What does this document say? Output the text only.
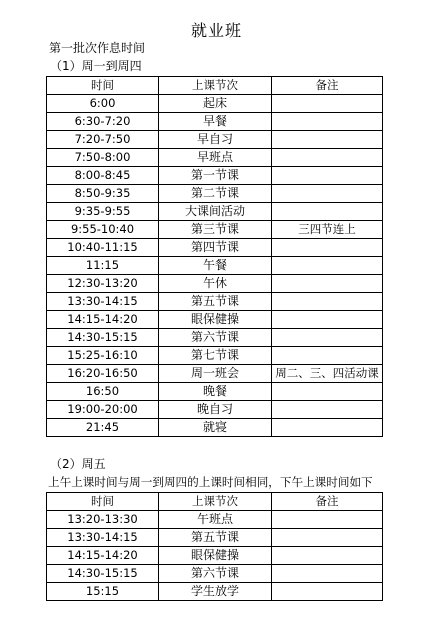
就业班
第一批次作息时间
（1）周一到周四
时间	上课节次	备注
6:00	起床	
6:30-7:20	早餐	
7:20-7:50	早自习	
7:50-8:00	早班点	
8:00-8:45	第一节课	
8:50-9:35	第二节课	
9:35-9:55	大课间活动	
9:55-10:40	第三节课	三四节连上
10:40-11:15	第四节课	
11:15	午餐	
12:30-13:20	午休	
13:30-14:15	第五节课	
14:15-14:20	眼保健操	
14:30-15:15	第六节课	
15:25-16:10	第七节课	
16:20-16:50	周一班会	周二、三、四活动课
16:50	晚餐	
19:00-20:00	晚自习	
21:45	就寝	
（2）周五
上午上课时间与周一到周四的上课时间相同，下午上课时间如下
时间	上课节次	备注
13:20-13:30	午班点	
13:30-14:15	第五节课	
14:15-14:20	眼保健操	
14:30-15:15	第六节课	
15:15	学生放学	
